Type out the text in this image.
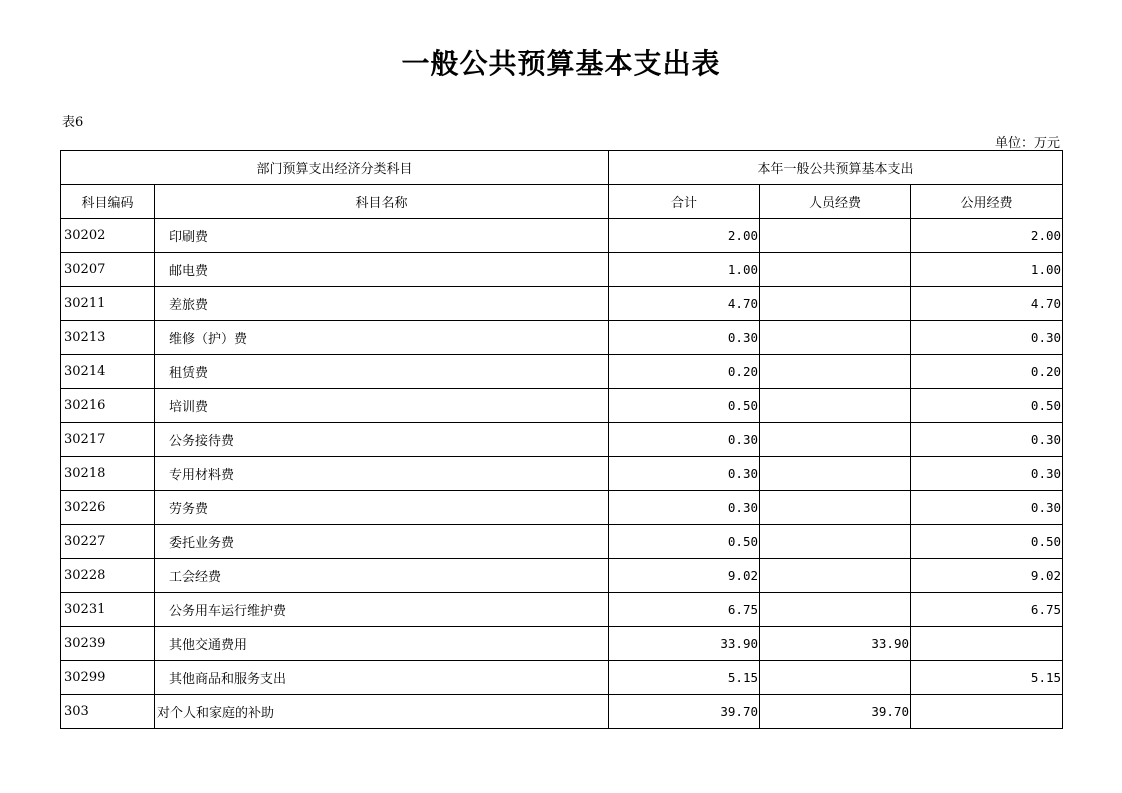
一般公共预算基本支出表
表6
单位：万元
部门预算支出经济分类科目		本年一般公共预算基本支出		
科目编码	科目名称	合计	人员经费	公用经费
30202	印刷费	2.00		2.00
30207	邮电费	1.00		1.00
30211	差旅费	4.70		4.70
30213	维修（护）费	0.30		0.30
30214	租赁费	0.20		0.20
30216	培训费	0.50		0.50
30217	公务接待费	0.30		0.30
30218	专用材料费	0.30		0.30
30226	劳务费	0.30		0.30
30227	委托业务费	0.50		0.50
30228	工会经费	9.02		9.02
30231	公务用车运行维护费	6.75		6.75
30239	其他交通费用	33.90	33.90	
30299	其他商品和服务支出	5.15		5.15
303	对个人和家庭的补助	39.70	39.70	
